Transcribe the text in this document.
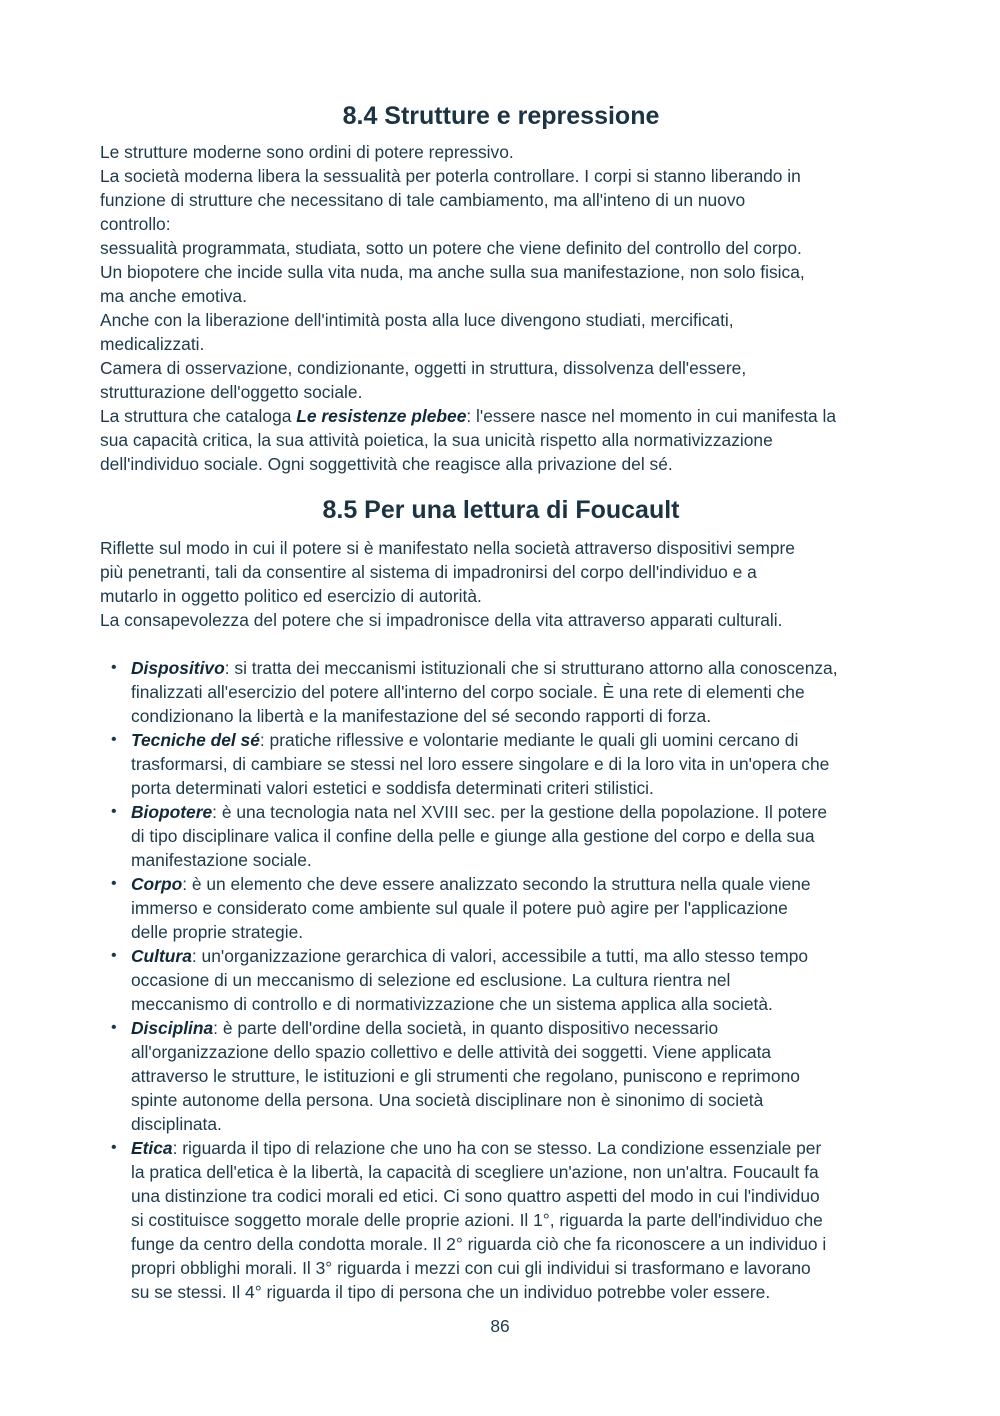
8.4 Strutture e repressione

Le strutture moderne sono ordini di potere repressivo.

La società moderna libera la sessualità per poterla controllare. I corpi si stanno liberando in

funzione di strutture che necessitano di tale cambiamento, ma all'inteno di un nuovo

controllo:

sessualità programmata, studiata, sotto un potere che viene definito del controllo del corpo.

Un biopotere che incide sulla vita nuda, ma anche sulla sua manifestazione, non solo fisica,

ma anche emotiva.

Anche con la liberazione dell'intimità posta alla luce divengono studiati, mercificati,

medicalizzati.

Camera di osservazione, condizionante, oggetti in struttura, dissolvenza dell'essere,

strutturazione dell'oggetto sociale.

La struttura che cataloga Le resistenze plebee: l'essere nasce nel momento in cui manifesta la

sua capacità critica, la sua attività poietica, la sua unicità rispetto alla normativizzazione

dell'individuo sociale. Ogni soggettività che reagisce alla privazione del sé.

8.5 Per una lettura di Foucault

Riflette sul modo in cui il potere si è manifestato nella società attraverso dispositivi sempre

più penetranti, tali da consentire al sistema di impadronirsi del corpo dell'individuo e a

mutarlo in oggetto politico ed esercizio di autorità.

La consapevolezza del potere che si impadronisce della vita attraverso apparati culturali.

• Dispositivo: si tratta dei meccanismi istituzionali che si strutturano attorno alla conoscenza,
finalizzati all'esercizio del potere all'interno del corpo sociale. È una rete di elementi che
condizionano la libertà e la manifestazione del sé secondo rapporti di forza.
• Tecniche del sé: pratiche riflessive e volontarie mediante le quali gli uomini cercano di
trasformarsi, di cambiare se stessi nel loro essere singolare e di la loro vita in un'opera che
porta determinati valori estetici e soddisfa determinati criteri stilistici.
• Biopotere: è una tecnologia nata nel XVIII sec. per la gestione della popolazione. Il potere
di tipo disciplinare valica il confine della pelle e giunge alla gestione del corpo e della sua
manifestazione sociale.
• Corpo: è un elemento che deve essere analizzato secondo la struttura nella quale viene
immerso e considerato come ambiente sul quale il potere può agire per l'applicazione
delle proprie strategie.
• Cultura: un'organizzazione gerarchica di valori, accessibile a tutti, ma allo stesso tempo
occasione di un meccanismo di selezione ed esclusione. La cultura rientra nel
meccanismo di controllo e di normativizzazione che un sistema applica alla società.
• Disciplina: è parte dell'ordine della società, in quanto dispositivo necessario
all'organizzazione dello spazio collettivo e delle attività dei soggetti. Viene applicata
attraverso le strutture, le istituzioni e gli strumenti che regolano, puniscono e reprimono
spinte autonome della persona. Una società disciplinare non è sinonimo di società
disciplinata.
• Etica: riguarda il tipo di relazione che uno ha con se stesso. La condizione essenziale per
la pratica dell'etica è la libertà, la capacità di scegliere un'azione, non un'altra. Foucault fa
una distinzione tra codici morali ed etici. Ci sono quattro aspetti del modo in cui l'individuo
si costituisce soggetto morale delle proprie azioni. Il 1°, riguarda la parte dell'individuo che
funge da centro della condotta morale. Il 2° riguarda ciò che fa riconoscere a un individuo i
propri obblighi morali. Il 3° riguarda i mezzi con cui gli individui si trasformano e lavorano
su se stessi. Il 4° riguarda il tipo di persona che un individuo potrebbe voler essere.
86
